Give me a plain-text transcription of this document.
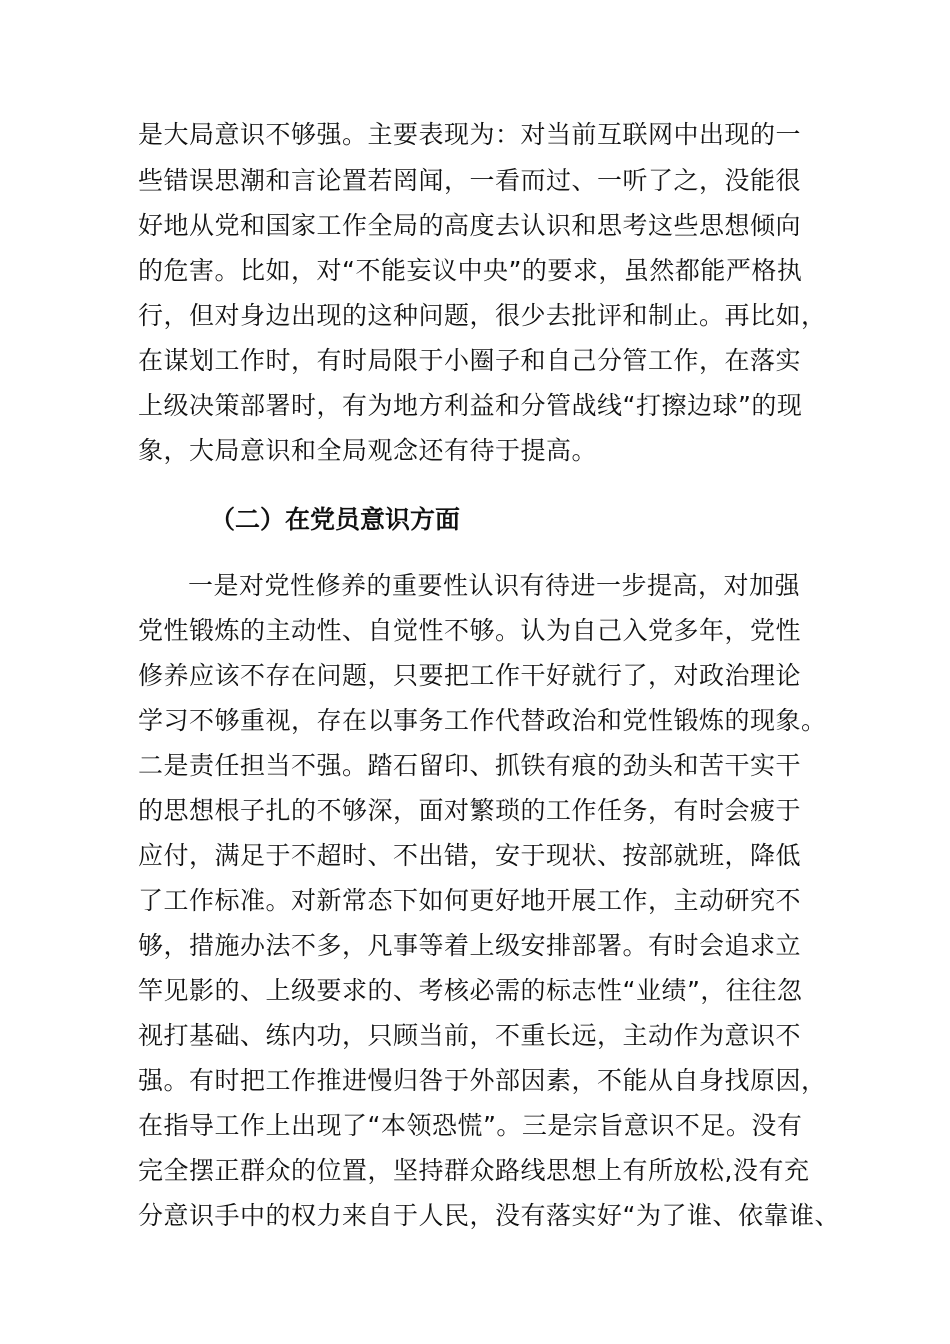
是大局意识不够强。主要表现为：对当前互联网中出现的一
些错误思潮和言论置若罔闻，一看而过、一听了之，没能很
好地从党和国家工作全局的高度去认识和思考这些思想倾向
的危害。比如，对“不能妄议中央”的要求，虽然都能严格执
行，但对身边出现的这种问题，很少去批评和制止。再比如，
在谋划工作时，有时局限于小圈子和自己分管工作，在落实
上级决策部署时，有为地方利益和分管战线“打擦边球”的现
象，大局意识和全局观念还有待于提高。
（二）在党员意识方面
一是对党性修养的重要性认识有待进一步提高，对加强
党性锻炼的主动性、自觉性不够。认为自己入党多年，党性
修养应该不存在问题，只要把工作干好就行了，对政治理论
学习不够重视，存在以事务工作代替政治和党性锻炼的现象。
二是责任担当不强。踏石留印、抓铁有痕的劲头和苦干实干
的思想根子扎的不够深，面对繁琐的工作任务，有时会疲于
应付，满足于不超时、不出错，安于现状、按部就班，降低
了工作标准。对新常态下如何更好地开展工作，主动研究不
够，措施办法不多，凡事等着上级安排部署。有时会追求立
竿见影的、上级要求的、考核必需的标志性“业绩”，往往忽
视打基础、练内功，只顾当前，不重长远，主动作为意识不
强。有时把工作推进慢归咎于外部因素，不能从自身找原因，
在指导工作上出现了“本领恐慌”。三是宗旨意识不足。没有
完全摆正群众的位置，坚持群众路线思想上有所放松,没有充
分意识手中的权力来自于人民，没有落实好“为了谁、依靠谁、
